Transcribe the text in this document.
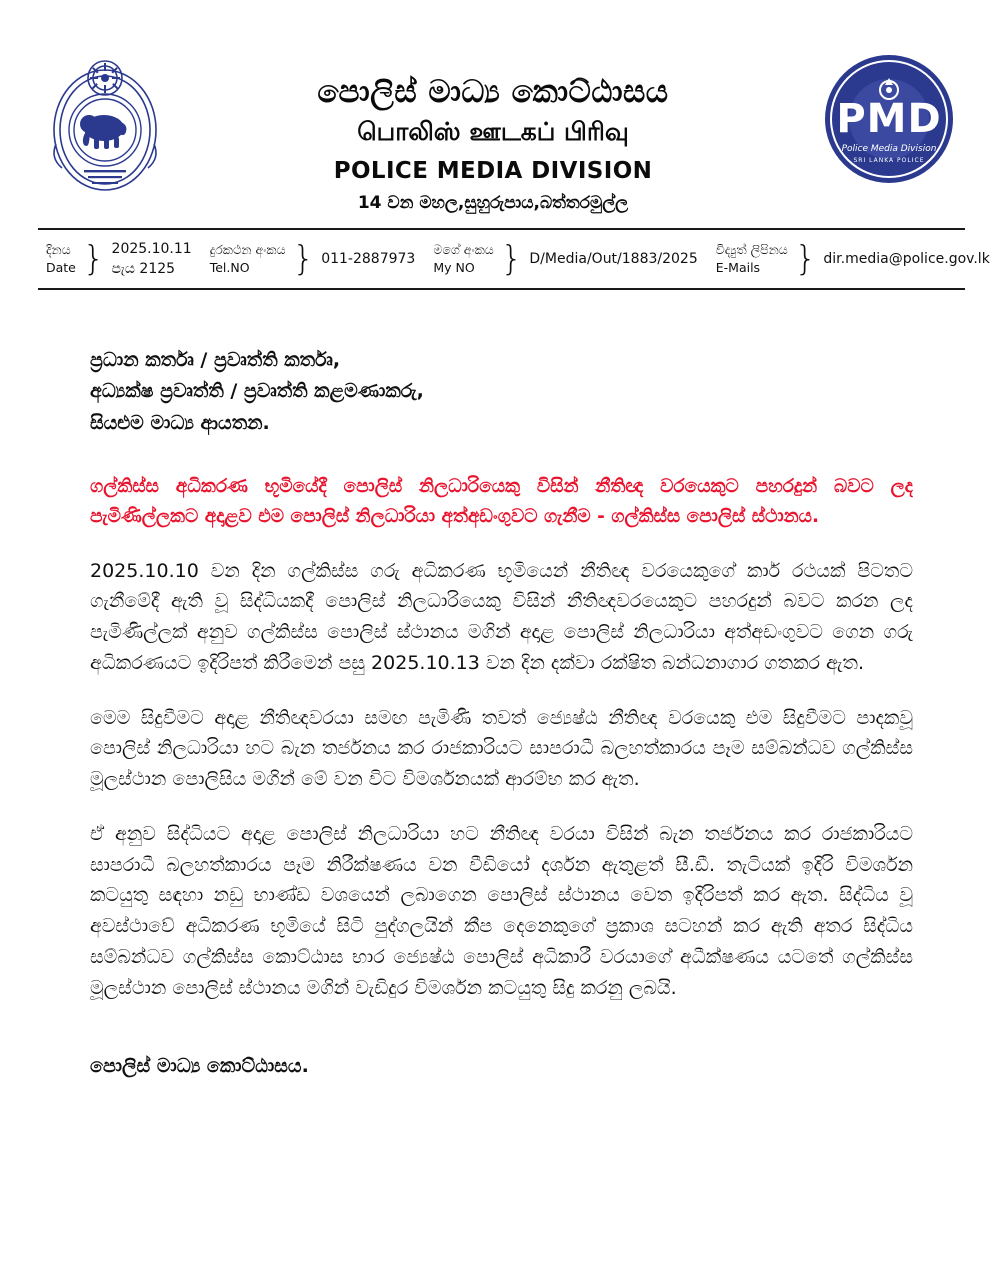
පොලිස් මාධ්‍ය කොට්ඨාසය
பொலிஸ் ஊடகப் பிரிவு
POLICE MEDIA DIVISION
14 වන මහල,සුහුරුපාය,බත්තරමුල්ල
PMD
Police Media Division
SRI LANKA POLICE
දිනය
Date } 2025.10.11
පැය 2125
දුරකථන අංකය
Tel.NO	} 011-2887973
මගේ අංකය
My NO } D/Media/Out/1883/2025
විද්‍යුත් ලිපිනය
E-Mails	} dir.media@police.gov.lk
ප්‍රධාන කර්තෘ / ප්‍රවෘත්ති කර්තෘ,
අධ්‍යක්ෂ ප්‍රවෘත්ති / ප්‍රවෘත්ති කළමණාකරු,
සියළුම මාධ්‍ය ආයතන.
ගල්කිස්ස අධිකරණ භූමියේදී පොලිස් නිලධාරියෙකු විසින් නීතිඥ වරයෙකුට පහරදුන් බවට ලද පැමිණිල්ලකට අදාළව එම පොලිස් නිලධාරියා අත්අඩංගුවට ගැනීම - ගල්කිස්ස පොලිස් ස්ථානය.
2025.10.10 වන දින ගල්කිස්ස ගරු අධිකරණ භූමියෙන් නීතිඥ වරයෙකුගේ කාර් රථයක් පිටතට ගැනීමේදී ඇති වූ සිද්ධියකදී පොලිස් නිලධාරියෙකු විසින් නීතිඥවරයෙකුට පහරදුන් බවට කරන ලද පැමිණිල්ලක් අනුව ගල්කිස්ස පොලිස් ස්ථානය මගින් අදාළ පොලිස් නිලධාරියා අත්අඩංගුවට ගෙන ගරු අධිකරණයට ඉදිරිපත් කිරීමෙන් පසු 2025.10.13 වන දින දක්වා රක්ෂිත බන්ධනාගාර ගතකර ඇත.
මෙම සිදුවීමට අදාළ නීතිඥවරයා සමඟ පැමිණි තවත් ජ්‍යෙෂ්ඨ නීතිඥ වරයෙකු එම සිදුවීමට පාදකවූ පොලිස් නිලධාරියා හට බැන තර්ජනය කර රාජකාරියට සාපරාධී බලහත්කාරය පෑම සම්බන්ධව ගල්කිස්ස මූලස්ථාන පොලිසිය මගින් මේ වන විට විමර්ශනයක් ආරම්භ කර ඇත.
ඒ අනුව සිද්ධියට අදාළ පොලිස් නිලධාරියා හට නීතිඥ වරයා විසින් බැන තර්ජනය කර රාජකාරියට සාපරාධී බලහත්කාරය පෑම නිරීක්ෂණය වන වීඩියෝ දර්ශන ඇතුළත් සී.ඩී. තැටියක් ඉදිරි විමර්ශන කටයුතු සඳහා නඩු භාණ්ඩ වශයෙන් ලබාගෙන පොලිස් ස්ථානය වෙත ඉදිරිපත් කර ඇත. සිද්ධිය වූ අවස්ථාවේ අධිකරණ භූමියේ සිටි පුද්ගලයින් කීප දෙනෙකුගේ ප්‍රකාශ සටහන් කර ඇති අතර සිද්ධිය සම්බන්ධව ගල්කිස්ස කොට්ඨාස භාර ජ්‍යෙෂ්ඨ පොලිස් අධිකාරී වරයාගේ අධීක්ෂණය යටතේ ගල්කිස්ස මූලස්ථාන පොලිස් ස්ථානය මගින් වැඩිදුර විමර්ශන කටයුතු සිදු කරනු ලබයි.
පොලිස් මාධ්‍ය කොට්ඨාසය.
